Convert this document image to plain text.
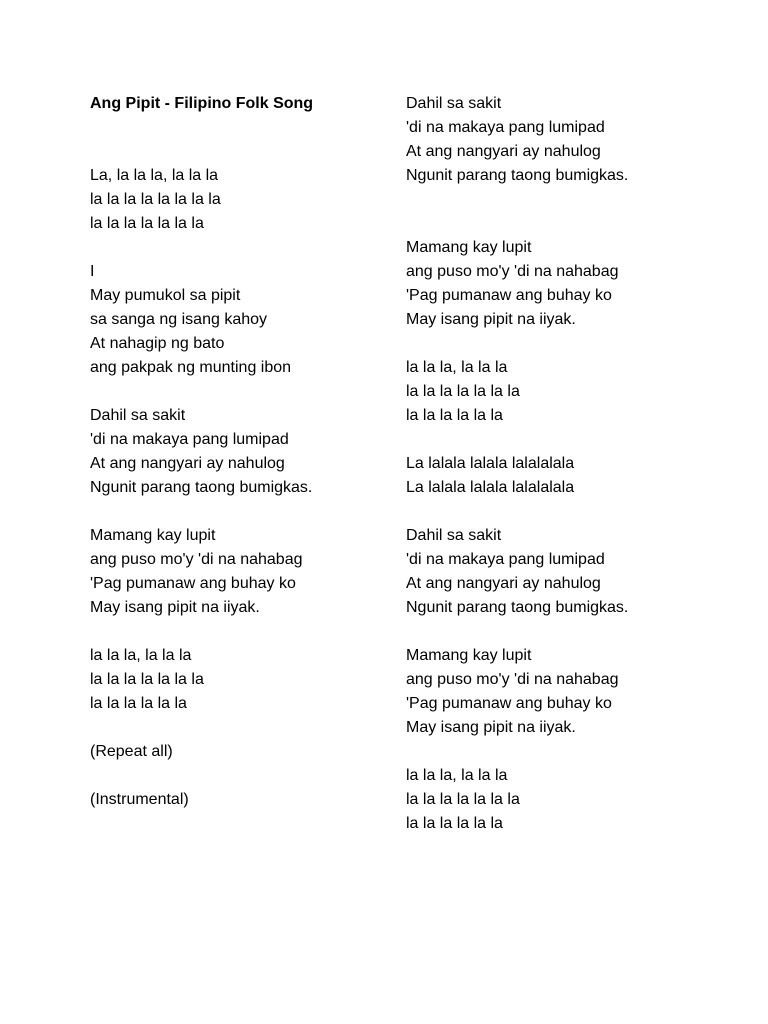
Ang Pipit - Filipino Folk Song
La, la la la, la la la
la la la la la la la la
la la la la la la la
I
May pumukol sa pipit
sa sanga ng isang kahoy
At nahagip ng bato
ang pakpak ng munting ibon
Dahil sa sakit
'di na makaya pang lumipad
At ang nangyari ay nahulog
Ngunit parang taong bumigkas.
Mamang kay lupit
ang puso mo'y 'di na nahabag
'Pag pumanaw ang buhay ko
May isang pipit na iiyak.
la la la, la la la
la la la la la la la
la la la la la la
(Repeat all)
(Instrumental)
Dahil sa sakit
'di na makaya pang lumipad
At ang nangyari ay nahulog
Ngunit parang taong bumigkas.
Mamang kay lupit
ang puso mo'y 'di na nahabag
'Pag pumanaw ang buhay ko
May isang pipit na iiyak.
la la la, la la la
la la la la la la la
la la la la la la
La lalala lalala lalalalala
La lalala lalala lalalalala
Dahil sa sakit
'di na makaya pang lumipad
At ang nangyari ay nahulog
Ngunit parang taong bumigkas.
Mamang kay lupit
ang puso mo'y 'di na nahabag
'Pag pumanaw ang buhay ko
May isang pipit na iiyak.
la la la, la la la
la la la la la la la
la la la la la la
